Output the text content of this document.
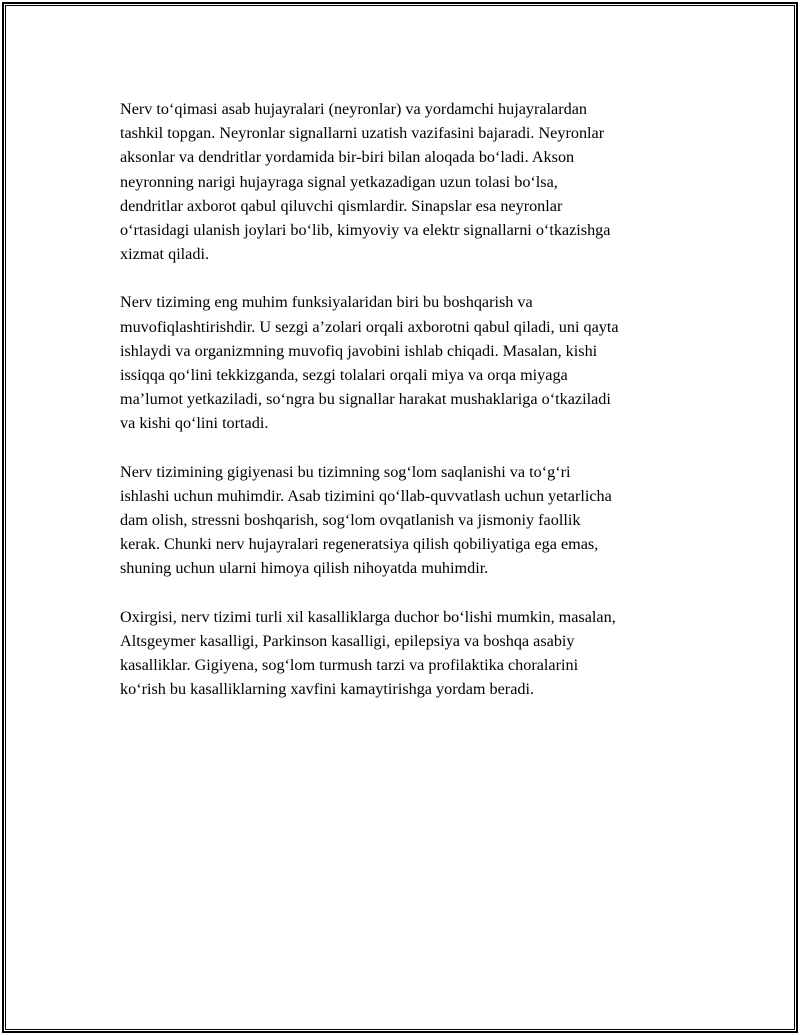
Nerv to‘qimasi asab hujayralari (neyronlar) va yordamchi hujayralardan
tashkil topgan. Neyronlar signallarni uzatish vazifasini bajaradi. Neyronlar
aksonlar va dendritlar yordamida bir-biri bilan aloqada bo‘ladi. Akson
neyronning narigi hujayraga signal yetkazadigan uzun tolasi bo‘lsa,
dendritlar axborot qabul qiluvchi qismlardir. Sinapslar esa neyronlar
o‘rtasidagi ulanish joylari bo‘lib, kimyoviy va elektr signallarni o‘tkazishga
xizmat qiladi.

Nerv tiziming eng muhim funksiyalaridan biri bu boshqarish va
muvofiqlashtirishdir. U sezgi a’zolari orqali axborotni qabul qiladi, uni qayta
ishlaydi va organizmning muvofiq javobini ishlab chiqadi. Masalan, kishi
issiqqa qo‘lini tekkizganda, sezgi tolalari orqali miya va orqa miyaga
ma’lumot yetkaziladi, so‘ngra bu signallar harakat mushaklariga o‘tkaziladi
va kishi qo‘lini tortadi.

Nerv tizimining gigiyenasi bu tizimning sog‘lom saqlanishi va to‘g‘ri
ishlashi uchun muhimdir. Asab tizimini qo‘llab-quvvatlash uchun yetarlicha
dam olish, stressni boshqarish, sog‘lom ovqatlanish va jismoniy faollik
kerak. Chunki nerv hujayralari regeneratsiya qilish qobiliyatiga ega emas,
shuning uchun ularni himoya qilish nihoyatda muhimdir.

Oxirgisi, nerv tizimi turli xil kasalliklarga duchor bo‘lishi mumkin, masalan,
Altsgeymer kasalligi, Parkinson kasalligi, epilepsiya va boshqa asabiy
kasalliklar. Gigiyena, sog‘lom turmush tarzi va profilaktika choralarini
ko‘rish bu kasalliklarning xavfini kamaytirishga yordam beradi.
